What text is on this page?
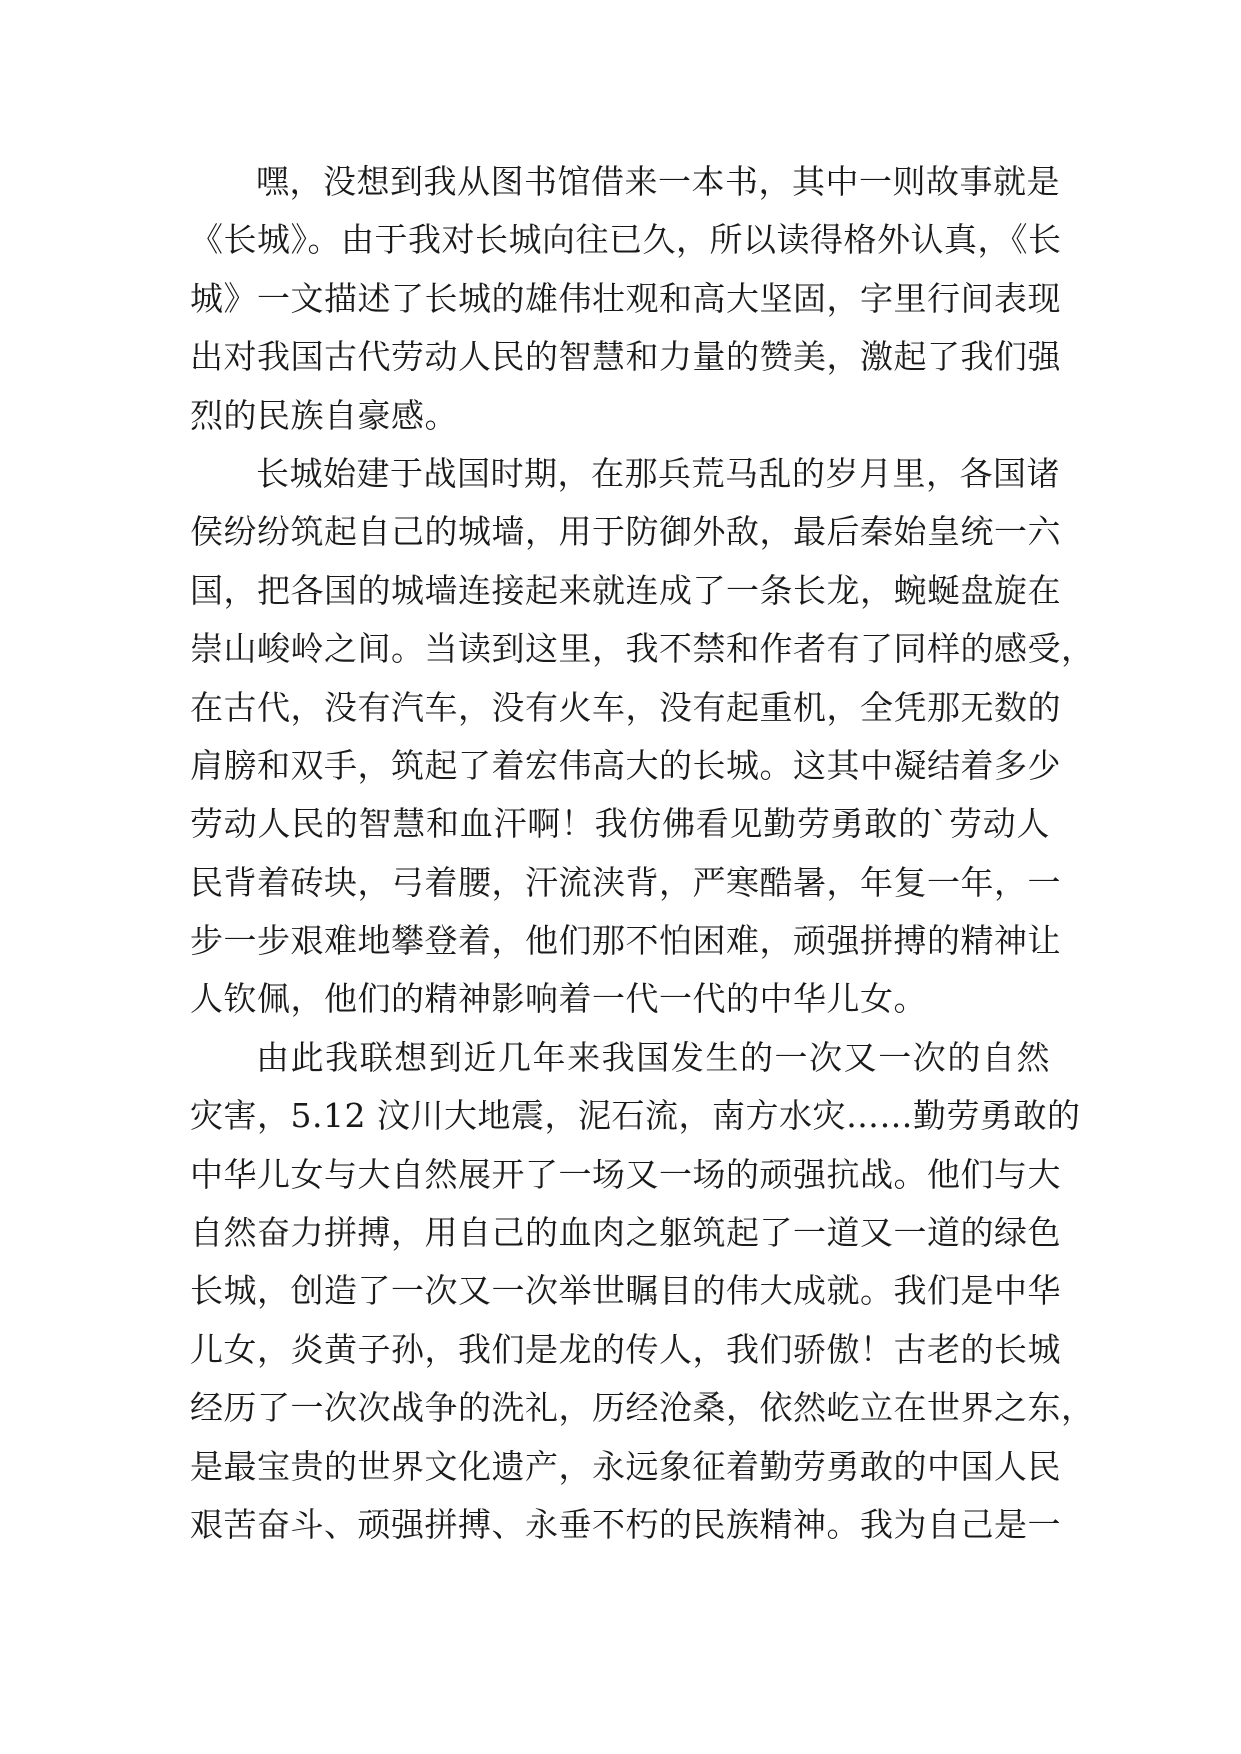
嘿，没想到我从图书馆借来一本书，其中一则故事就是
《长城》。由于我对长城向往已久，所以读得格外认真，《长
城》一文描述了长城的雄伟壮观和高大坚固，字里行间表现
出对我国古代劳动人民的智慧和力量的赞美，激起了我们强
烈的民族自豪感。
长城始建于战国时期，在那兵荒马乱的岁月里，各国诸
侯纷纷筑起自己的城墙，用于防御外敌，最后秦始皇统一六
国，把各国的城墙连接起来就连成了一条长龙，蜿蜒盘旋在
崇山峻岭之间。当读到这里，我不禁和作者有了同样的感受，
在古代，没有汽车，没有火车，没有起重机，全凭那无数的
肩膀和双手，筑起了着宏伟高大的长城。这其中凝结着多少
劳动人民的智慧和血汗啊！我仿佛看见勤劳勇敢的`劳动人
民背着砖块，弓着腰，汗流浃背，严寒酷暑，年复一年，一
步一步艰难地攀登着，他们那不怕困难，顽强拼搏的精神让
人钦佩，他们的精神影响着一代一代的中华儿女。
由此我联想到近几年来我国发生的一次又一次的自然
灾害，5.12 汶川大地震，泥石流，南方水灾……勤劳勇敢的
中华儿女与大自然展开了一场又一场的顽强抗战。他们与大
自然奋力拼搏，用自己的血肉之躯筑起了一道又一道的绿色
长城，创造了一次又一次举世瞩目的伟大成就。我们是中华
儿女，炎黄子孙，我们是龙的传人，我们骄傲！古老的长城
经历了一次次战争的洗礼，历经沧桑，依然屹立在世界之东，
是最宝贵的世界文化遗产，永远象征着勤劳勇敢的中国人民
艰苦奋斗、顽强拼搏、永垂不朽的民族精神。我为自己是一
